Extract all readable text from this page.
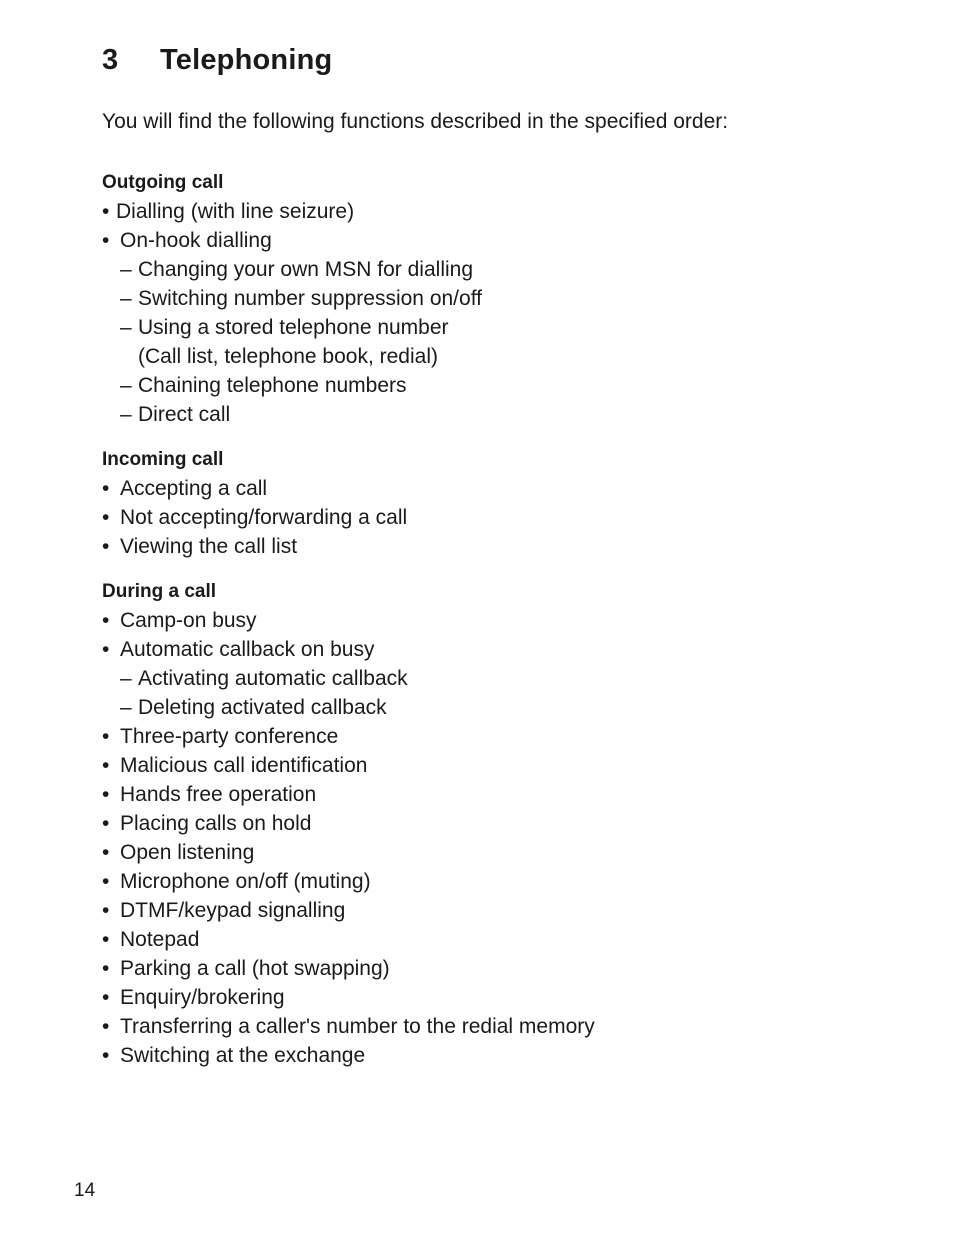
3	Telephoning
You will find the following functions described in the specified order:
Outgoing call
• Dialling (with line seizure)
• On-hook dialling
– Changing your own MSN for dialling
– Switching number suppression on/off
– Using a stored telephone number
(Call list, telephone book, redial)
– Chaining telephone numbers
– Direct call
Incoming call
• Accepting a call
• Not accepting/forwarding a call
• Viewing the call list
During a call
• Camp-on busy
• Automatic callback on busy
– Activating automatic callback
– Deleting activated callback
• Three-party conference
• Malicious call identification
• Hands free operation
• Placing calls on hold
• Open listening
• Microphone on/off (muting)
• DTMF/keypad signalling
• Notepad
• Parking a call (hot swapping)
• Enquiry/brokering
• Transferring a caller's number to the redial memory
• Switching at the exchange
14
